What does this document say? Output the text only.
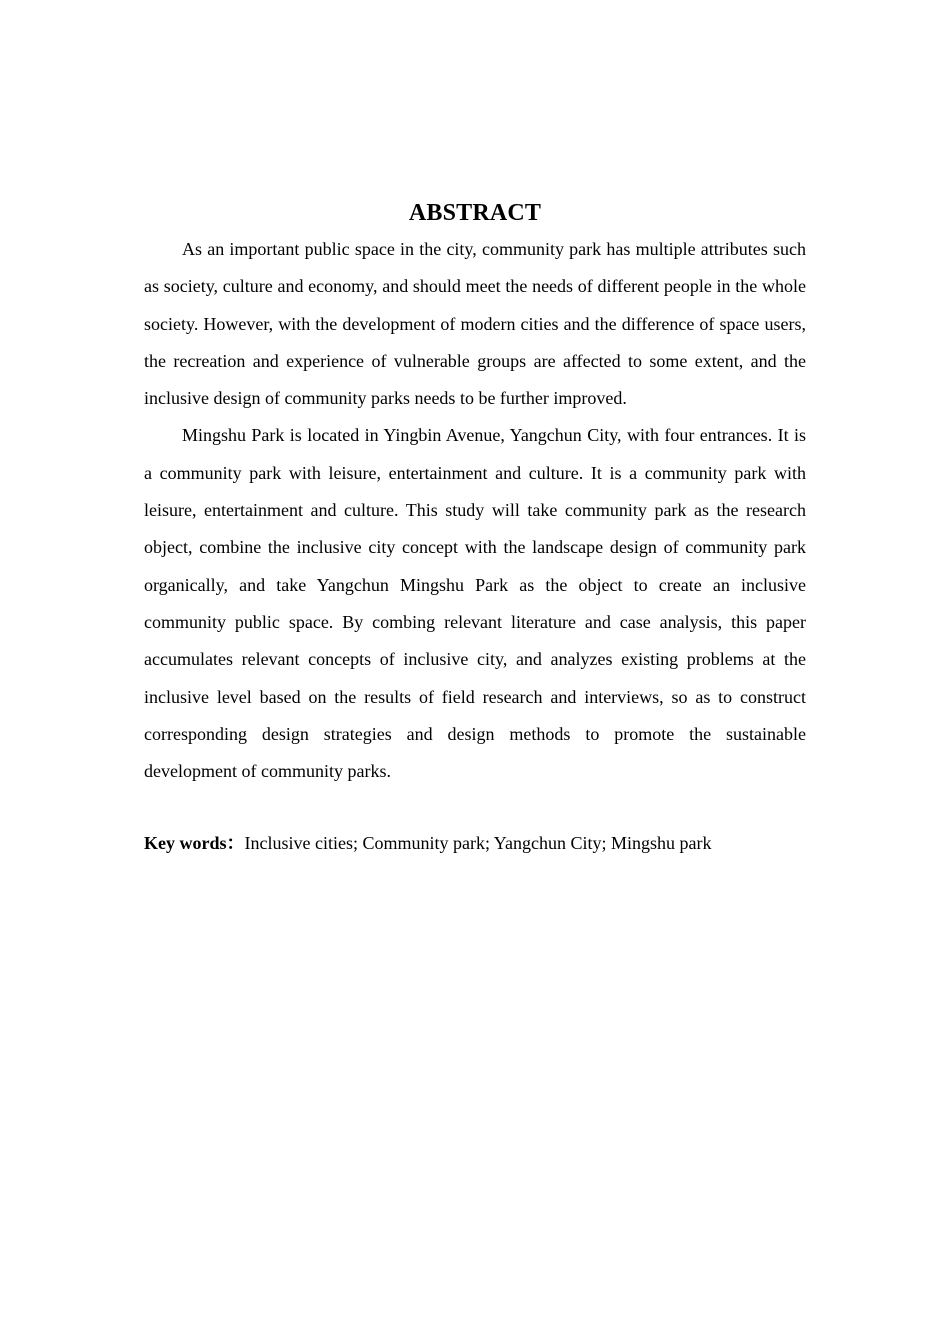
ABSTRACT

As an important public space in the city, community park has multiple attributes such as society, culture and economy, and should meet the needs of different people in the whole society. However, with the development of modern cities and the difference of space users, the recreation and experience of vulnerable groups are affected to some extent, and the inclusive design of community parks needs to be further improved.

Mingshu Park is located in Yingbin Avenue, Yangchun City, with four entrances. It is a community park with leisure, entertainment and culture. It is a community park with leisure, entertainment and culture. This study will take community park as the research object, combine the inclusive city concept with the landscape design of community park organically, and take Yangchun Mingshu Park as the object to create an inclusive community public space. By combing relevant literature and case analysis, this paper accumulates relevant concepts of inclusive city, and analyzes existing problems at the inclusive level based on the results of field research and interviews, so as to construct corresponding design strategies and design methods to promote the sustainable development of community parks.

Key words：Inclusive cities; Community park; Yangchun City; Mingshu park
